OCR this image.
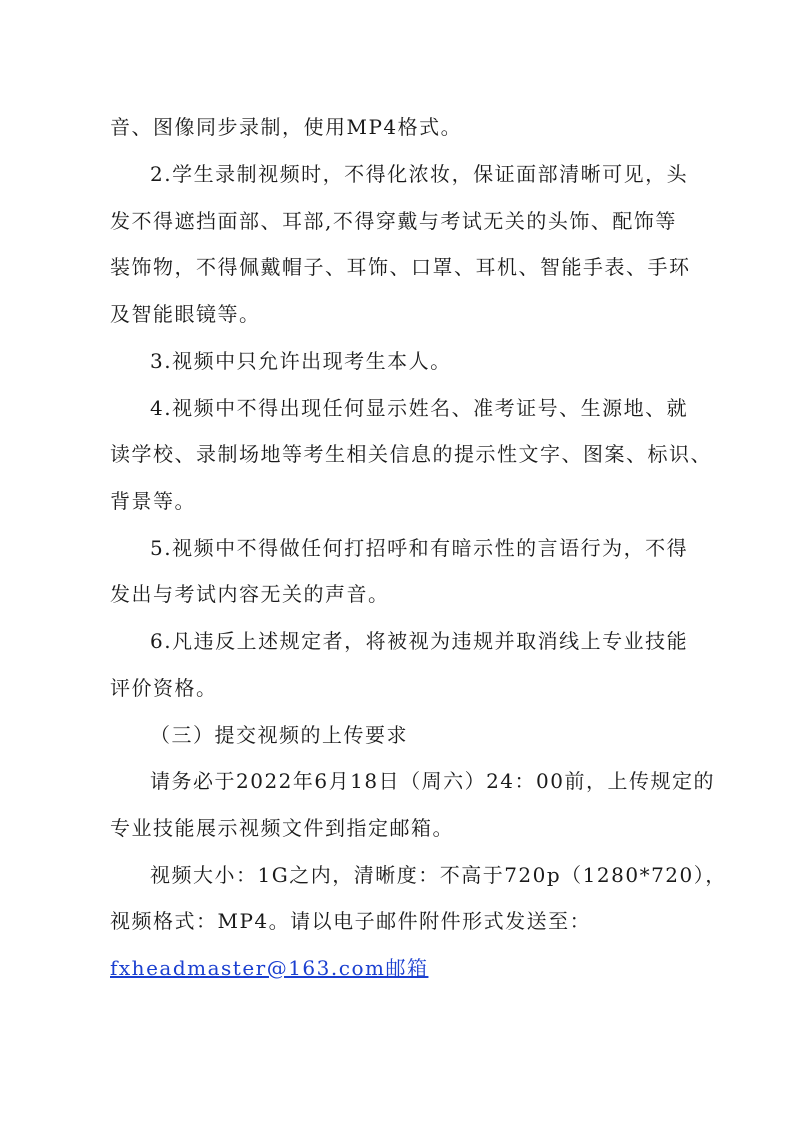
音、图像同步录制，使用MP4格式。
2.学生录制视频时，不得化浓妆，保证面部清晰可见，头
发不得遮挡面部、耳部,不得穿戴与考试无关的头饰、配饰等
装饰物，不得佩戴帽子、耳饰、口罩、耳机、智能手表、手环
及智能眼镜等。
3.视频中只允许出现考生本人。
4.视频中不得出现任何显示姓名、准考证号、生源地、就
读学校、录制场地等考生相关信息的提示性文字、图案、标识、
背景等。
5.视频中不得做任何打招呼和有暗示性的言语行为，不得
发出与考试内容无关的声音。
6.凡违反上述规定者，将被视为违规并取消线上专业技能
评价资格。
（三）提交视频的上传要求
请务必于2022年6月18日（周六）24：00前，上传规定的
专业技能展示视频文件到指定邮箱。
视频大小：1G之内，清晰度：不高于720p（1280*720），
视频格式：MP4。请以电子邮件附件形式发送至：
fxheadmaster@163.com邮箱
